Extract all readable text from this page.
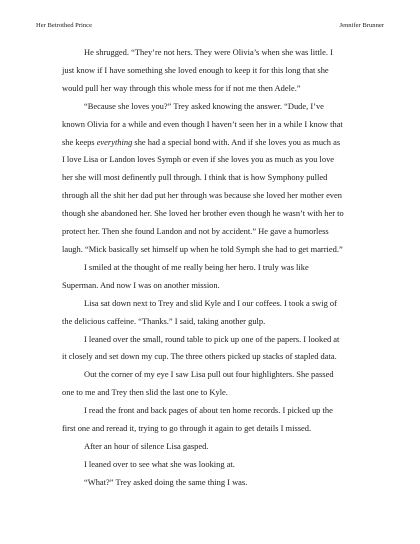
Her Betrothed Prince	Jennifer Brunner

He shrugged. “They’re not hers. They were Olivia’s when she was little. I

just know if I have something she loved enough to keep it for this long that she
would pull her way through this whole mess for if not me then Adele.”

“Because she loves you?” Trey asked knowing the answer. “Dude, I’ve

known Olivia for a while and even though I haven’t seen her in a while I know that
she keeps everything she had a special bond with. And if she loves you as much as
I love Lisa or Landon loves Symph or even if she loves you as much as you love
her she will most definently pull through. I think that is how Symphony pulled
through all the shit her dad put her through was because she loved her mother even
though she abandoned her. She loved her brother even though he wasn’t with her to
protect her. Then she found Landon and not by accident.” He gave a humorless
laugh. “Mick basically set himself up when he told Symph she had to get married.”

I smiled at the thought of me really being her hero. I truly was like

Superman. And now I was on another mission.

Lisa sat down next to Trey and slid Kyle and I our coffees. I took a swig of

the delicious caffeine. “Thanks.” I said, taking another gulp.

I leaned over the small, round table to pick up one of the papers. I looked at

it closely and set down my cup. The three others picked up stacks of stapled data.

Out the corner of my eye I saw Lisa pull out four highlighters. She passed

one to me and Trey then slid the last one to Kyle.

I read the front and back pages of about ten home records. I picked up the

first one and reread it, trying to go through it again to get details I missed.

After an hour of silence Lisa gasped.

I leaned over to see what she was looking at.

“What?” Trey asked doing the same thing I was.
